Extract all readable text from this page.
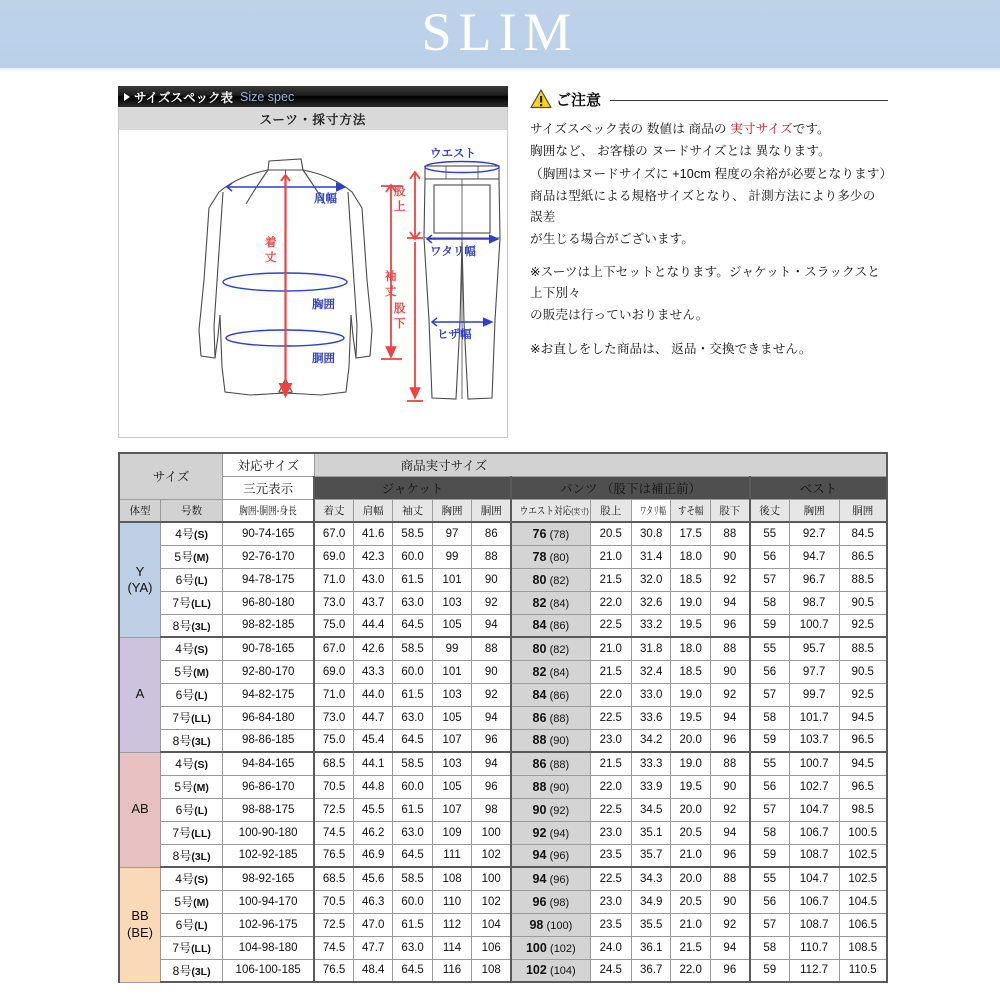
SLIM
サイズスペック表 Size spec
スーツ・採寸方法
肩幅
胸囲
胴囲
着
丈
袖
丈
ウエスト
股
上
ワタリ幅
股
下
ヒザ幅
ご注意

サイズスペック表の 数値は 商品の 実寸サイズです。

胸囲など、 お客様の ヌードサイズとは 異なります。

（胸囲はヌードサイズに +10cm 程度の余裕が必要となります）

商品は型紙による規格サイズとなり、 計測方法により多少の誤差

が生じる場合がございます。

※スーツは上下セットとなります。ジャケット・スラックスと上下別々

の販売は行っていおりません。

※お直しをした商品は、 返品・交換できません。

サイズ		対応サイズ	商品実寸サイズ												
		三元表示	ジャケット					パンツ （股下は補正前）					ベスト		
体型	号数	胸囲-胴囲-身長	着丈	肩幅	袖丈	胸囲	胴囲	ウエスト対応(実寸)	股上	ワタリ幅	すそ幅	股下	後丈	胸囲	胴囲
Y
(YA)	4号(S)	90-74-165	67.0	41.6	58.5	97	86	76 (78)	20.5	30.8	17.5	88	55	92.7	84.5
	5号(M)	92-76-170	69.0	42.3	60.0	99	88	78 (80)	21.0	31.4	18.0	90	56	94.7	86.5
	6号(L)	94-78-175	71.0	43.0	61.5	101	90	80 (82)	21.5	32.0	18.5	92	57	96.7	88.5
	7号(LL)	96-80-180	73.0	43.7	63.0	103	92	82 (84)	22.0	32.6	19.0	94	58	98.7	90.5
	8号(3L)	98-82-185	75.0	44.4	64.5	105	94	84 (86)	22.5	33.2	19.5	96	59	100.7	92.5
A	4号(S)	90-78-165	67.0	42.6	58.5	99	88	80 (82)	21.0	31.8	18.0	88	55	95.7	88.5
	5号(M)	92-80-170	69.0	43.3	60.0	101	90	82 (84)	21.5	32.4	18.5	90	56	97.7	90.5
	6号(L)	94-82-175	71.0	44.0	61.5	103	92	84 (86)	22.0	33.0	19.0	92	57	99.7	92.5
	7号(LL)	96-84-180	73.0	44.7	63.0	105	94	86 (88)	22.5	33.6	19.5	94	58	101.7	94.5
	8号(3L)	98-86-185	75.0	45.4	64.5	107	96	88 (90)	23.0	34.2	20.0	96	59	103.7	96.5
AB	4号(S)	94-84-165	68.5	44.1	58.5	103	94	86 (88)	21.5	33.3	19.0	88	55	100.7	94.5
	5号(M)	96-86-170	70.5	44.8	60.0	105	96	88 (90)	22.0	33.9	19.5	90	56	102.7	96.5
	6号(L)	98-88-175	72.5	45.5	61.5	107	98	90 (92)	22.5	34.5	20.0	92	57	104.7	98.5
	7号(LL)	100-90-180	74.5	46.2	63.0	109	100	92 (94)	23.0	35.1	20.5	94	58	106.7	100.5
	8号(3L)	102-92-185	76.5	46.9	64.5	111	102	94 (96)	23.5	35.7	21.0	96	59	108.7	102.5
BB
(BE)	4号(S)	98-92-165	68.5	45.6	58.5	108	100	94 (96)	22.5	34.3	20.0	88	55	104.7	102.5
	5号(M)	100-94-170	70.5	46.3	60.0	110	102	96 (98)	23.0	34.9	20.5	90	56	106.7	104.5
	6号(L)	102-96-175	72.5	47.0	61.5	112	104	98 (100)	23.5	35.5	21.0	92	57	108.7	106.5
	7号(LL)	104-98-180	74.5	47.7	63.0	114	106	100 (102)	24.0	36.1	21.5	94	58	110.7	108.5
	8号(3L)	106-100-185	76.5	48.4	64.5	116	108	102 (104)	24.5	36.7	22.0	96	59	112.7	110.5
